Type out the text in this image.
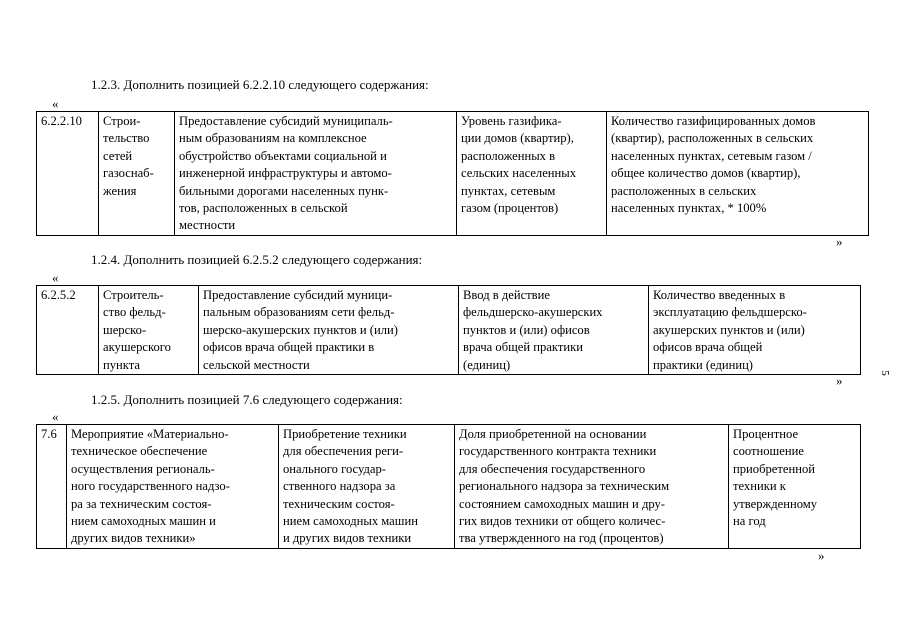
1.2.3. Дополнить позицией 6.2.2.10 следующего содержания:
«
6.2.2.10	Строи-
тельство
сетей
газоснаб-
жения

Предоставление субсидий муниципаль-
ным образованиям на комплексное
обустройство объектами социальной и
инженерной инфраструктуры и автомо-
бильными дорогами населенных пунк-
тов, расположенных в сельской
местности

Уровень газифика-
ции домов (квартир),
расположенных в
сельских населенных
пунктах, сетевым
газом (процентов)

Количество газифицированных домов
(квартир), расположенных в сельских
населенных пунктах, сетевым газом /
общее количество домов (квартир),
расположенных в сельских
населенных пунктах, * 100%
»
1.2.4. Дополнить позицией 6.2.5.2 следующего содержания:
«
6.2.5.2	Строитель-
ство фельд-
шерско-
акушерского
пункта

Предоставление субсидий муници-
пальным образованиям сети фельд-
шерско-акушерских пунктов и (или)
офисов врача общей практики в
сельской местности

Ввод в действие
фельдшерско-акушерских
пунктов и (или) офисов
врача общей практики
(единиц)

Количество введенных в
эксплуатацию фельдшерско-
акушерских пунктов и (или)
офисов врача общей
практики (единиц)
»
1.2.5. Дополнить позицией 7.6 следующего содержания:
«
7.6	Мероприятие «Материально-
техническое обеспечение
осуществления региональ-
ного государственного надзо-
ра за техническим состоя-
нием самоходных машин и
других видов техники»

Приобретение техники
для обеспечения реги-
онального государ-
ственного надзора за
техническим состоя-
нием самоходных машин
и других видов техники

Доля приобретенной на основании
государственного контракта техники
для обеспечения государственного
регионального надзора за техническим
состоянием самоходных машин и дру-
гих видов техники от общего количес-
тва утвержденного на год (процентов)

Процентное
соотношение
приобретенной
техники к
утвержденному
на год
»
5
